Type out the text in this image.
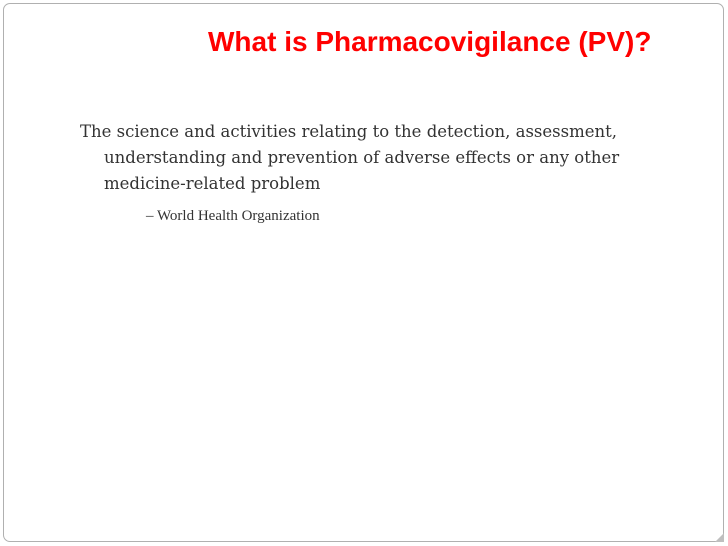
What is Pharmacovigilance (PV)?

The science and activities relating to the detection, assessment, understanding and prevention of adverse effects or any other medicine-related problem

– World Health Organization
